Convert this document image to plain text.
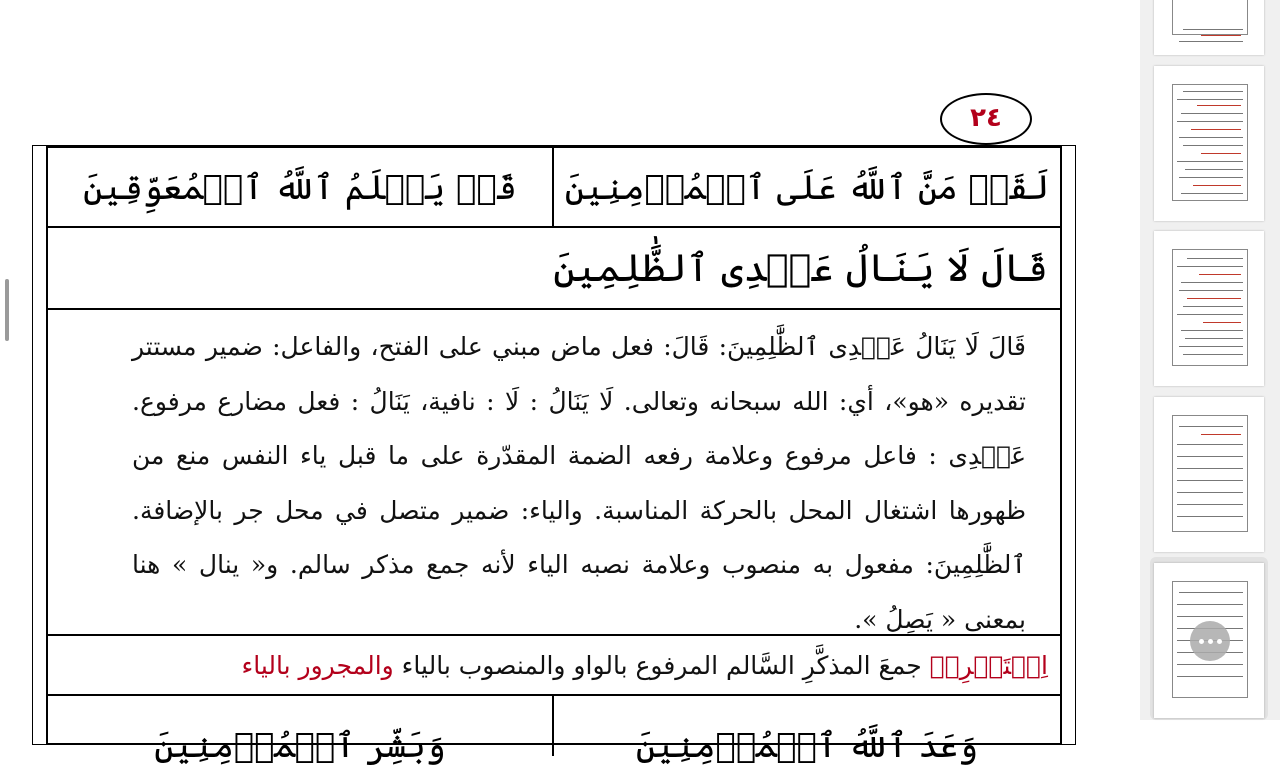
٢٤
لَقَدۡ مَنَّ ٱللَّهُ عَلَى ٱلۡمُؤۡمِنِينَ
قَدۡ يَعۡلَمُ ٱللَّهُ ٱلۡمُعَوِّقِينَ
قَالَ لَا يَنَالُ عَهۡدِى ٱلظَّٰلِمِينَ
قَالَ لَا يَنَالُ عَهۡدِى ٱلظَّٰلِمِينَ: قَالَ: فعل ماض مبني على الفتح، والفاعل: ضمير مستتر تقديره «هو»، أي: الله سبحانه وتعالى. لَا يَنَالُ : لَا : نافية، يَنَالُ : فعل مضارع مرفوع. عَهۡدِى : فاعل مرفوع وعلامة رفعه الضمة المقدّرة على ما قبل ياء النفس منع من ظهورها اشتغال المحل بالحركة المناسبة. والياء: ضمير متصل في محل جر بالإضافة. ٱلظَّٰلِمِينَ: مفعول به منصوب وعلامة نصبه الياء لأنه جمع مذكر سالم. و« ينال » هنا بمعنى « يَصِلُ ».
اِسۡتَخۡرِجۡ

جمعَ المذكَّرِ السَّالم المرفوع بالواو والمنصوب بالياء

والمجرور بالياء
وَعَدَ ٱللَّهُ ٱلۡمُؤۡمِنِينَ
وَبَشِّرِ ٱلۡمُؤۡمِنِينَ
